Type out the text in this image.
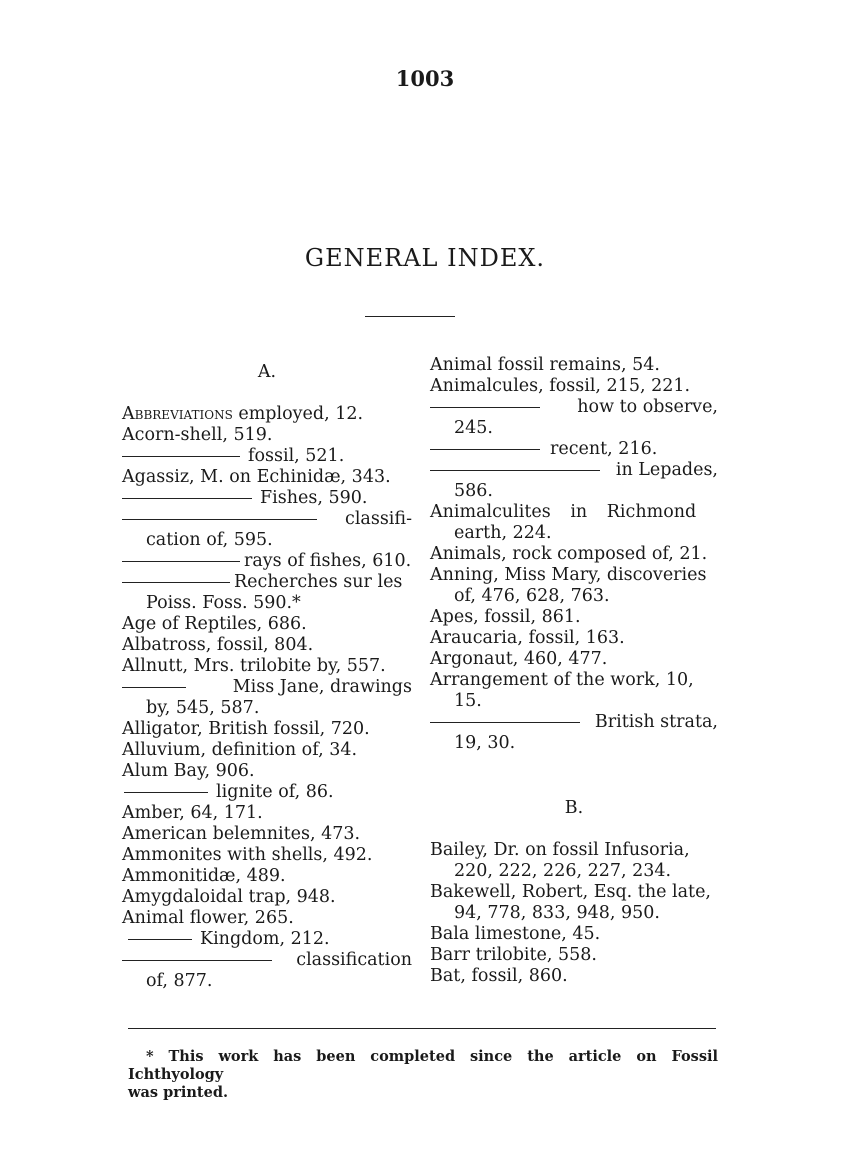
1003
GENERAL INDEX.
A.
Abbreviations employed, 12.
Acorn-shell, 519.
fossil, 521.
Agassiz, M. on Echinidæ, 343.
Fishes, 590.
classifi-
cation of, 595.
rays of fishes, 610.
Recherches sur les
Poiss. Foss. 590.*
Age of Reptiles, 686.
Albatross, fossil, 804.
Allnutt, Mrs. trilobite by, 557.
Miss Jane, drawings
by, 545, 587.
Alligator, British fossil, 720.
Alluvium, definition of, 34.
Alum Bay, 906.
lignite of, 86.
Amber, 64, 171.
American belemnites, 473.
Ammonites with shells, 492.
Ammonitidæ, 489.
Amygdaloidal trap, 948.
Animal flower, 265.
Kingdom, 212.
classification
of, 877.
Animal fossil remains, 54.
Animalcules, fossil, 215, 221.
how to observe,
245.
recent, 216.
in Lepades,
586.
Animalculites in Richmond
earth, 224.
Animals, rock composed of, 21.
Anning, Miss Mary, discoveries
of, 476, 628, 763.
Apes, fossil, 861.
Araucaria, fossil, 163.
Argonaut, 460, 477.
Arrangement of the work, 10,
15.
British strata,
19, 30.
B.
Bailey, Dr. on fossil Infusoria,
220, 222, 226, 227, 234.
Bakewell, Robert, Esq. the late,
94, 778, 833, 948, 950.
Bala limestone, 45.
Barr trilobite, 558.
Bat, fossil, 860.
* This work has been completed since the article on Fossil Ichthyology
was printed.
